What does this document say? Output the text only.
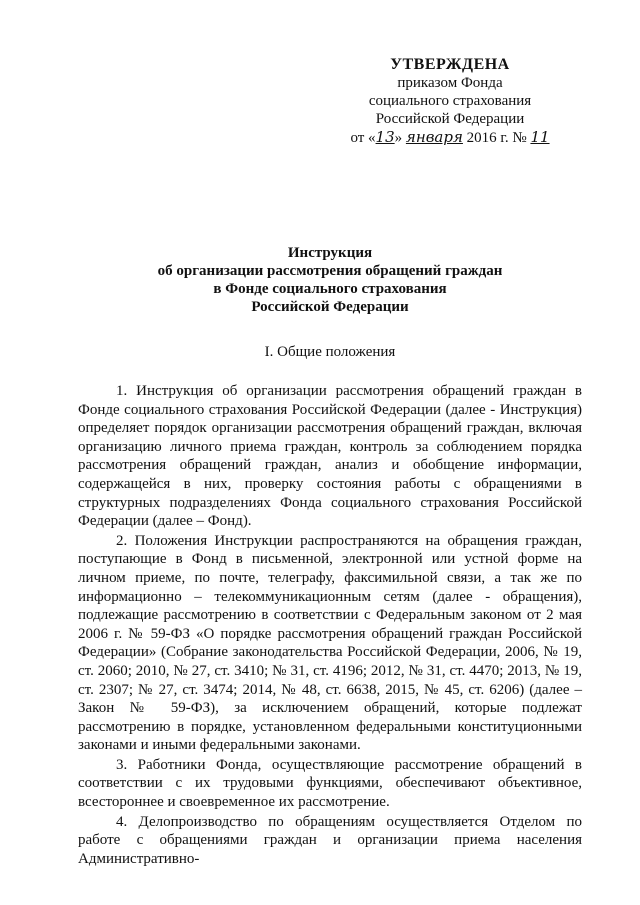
УТВЕРЖДЕНА
приказом Фонда
социального страхования
Российской Федерации
от «13» января 2016 г. № 11
Инструкция
об организации рассмотрения обращений граждан
в Фонде социального страхования
Российской Федерации
I. Общие положения

1. Инструкция об организации рассмотрения обращений граждан в Фонде социального страхования Российской Федерации (далее - Инструкция) определяет порядок организации рассмотрения обращений граждан, включая организацию личного приема граждан, контроль за соблюдением порядка рассмотрения обращений граждан, анализ и обобщение информации, содержащейся в них, проверку состояния работы с обращениями в структурных подразделениях Фонда социального страхования Российской Федерации (далее – Фонд).

2. Положения Инструкции распространяются на обращения граждан, поступающие в Фонд в письменной, электронной или устной форме на личном приеме, по почте, телеграфу, факсимильной связи, а так же по информационно – телекоммуникационным сетям (далее - обращения), подлежащие рассмотрению в соответствии с Федеральным законом от 2 мая 2006 г. № 59-ФЗ «О порядке рассмотрения обращений граждан Российской Федерации» (Собрание законодательства Российской Федерации, 2006, № 19, ст. 2060; 2010, № 27, ст. 3410; № 31, ст. 4196; 2012, № 31, ст. 4470; 2013, № 19, ст. 2307; № 27, ст. 3474; 2014, № 48, ст. 6638, 2015, № 45, ст. 6206) (далее – Закон № 59-ФЗ), за исключением обращений, которые подлежат рассмотрению в порядке, установленном федеральными конституционными законами и иными федеральными законами.

3. Работники Фонда, осуществляющие рассмотрение обращений в соответствии с их трудовыми функциями, обеспечивают объективное, всестороннее и своевременное их рассмотрение.

4. Делопроизводство по обращениям осуществляется Отделом по работе с обращениями граждан и организации приема населения Административно-
